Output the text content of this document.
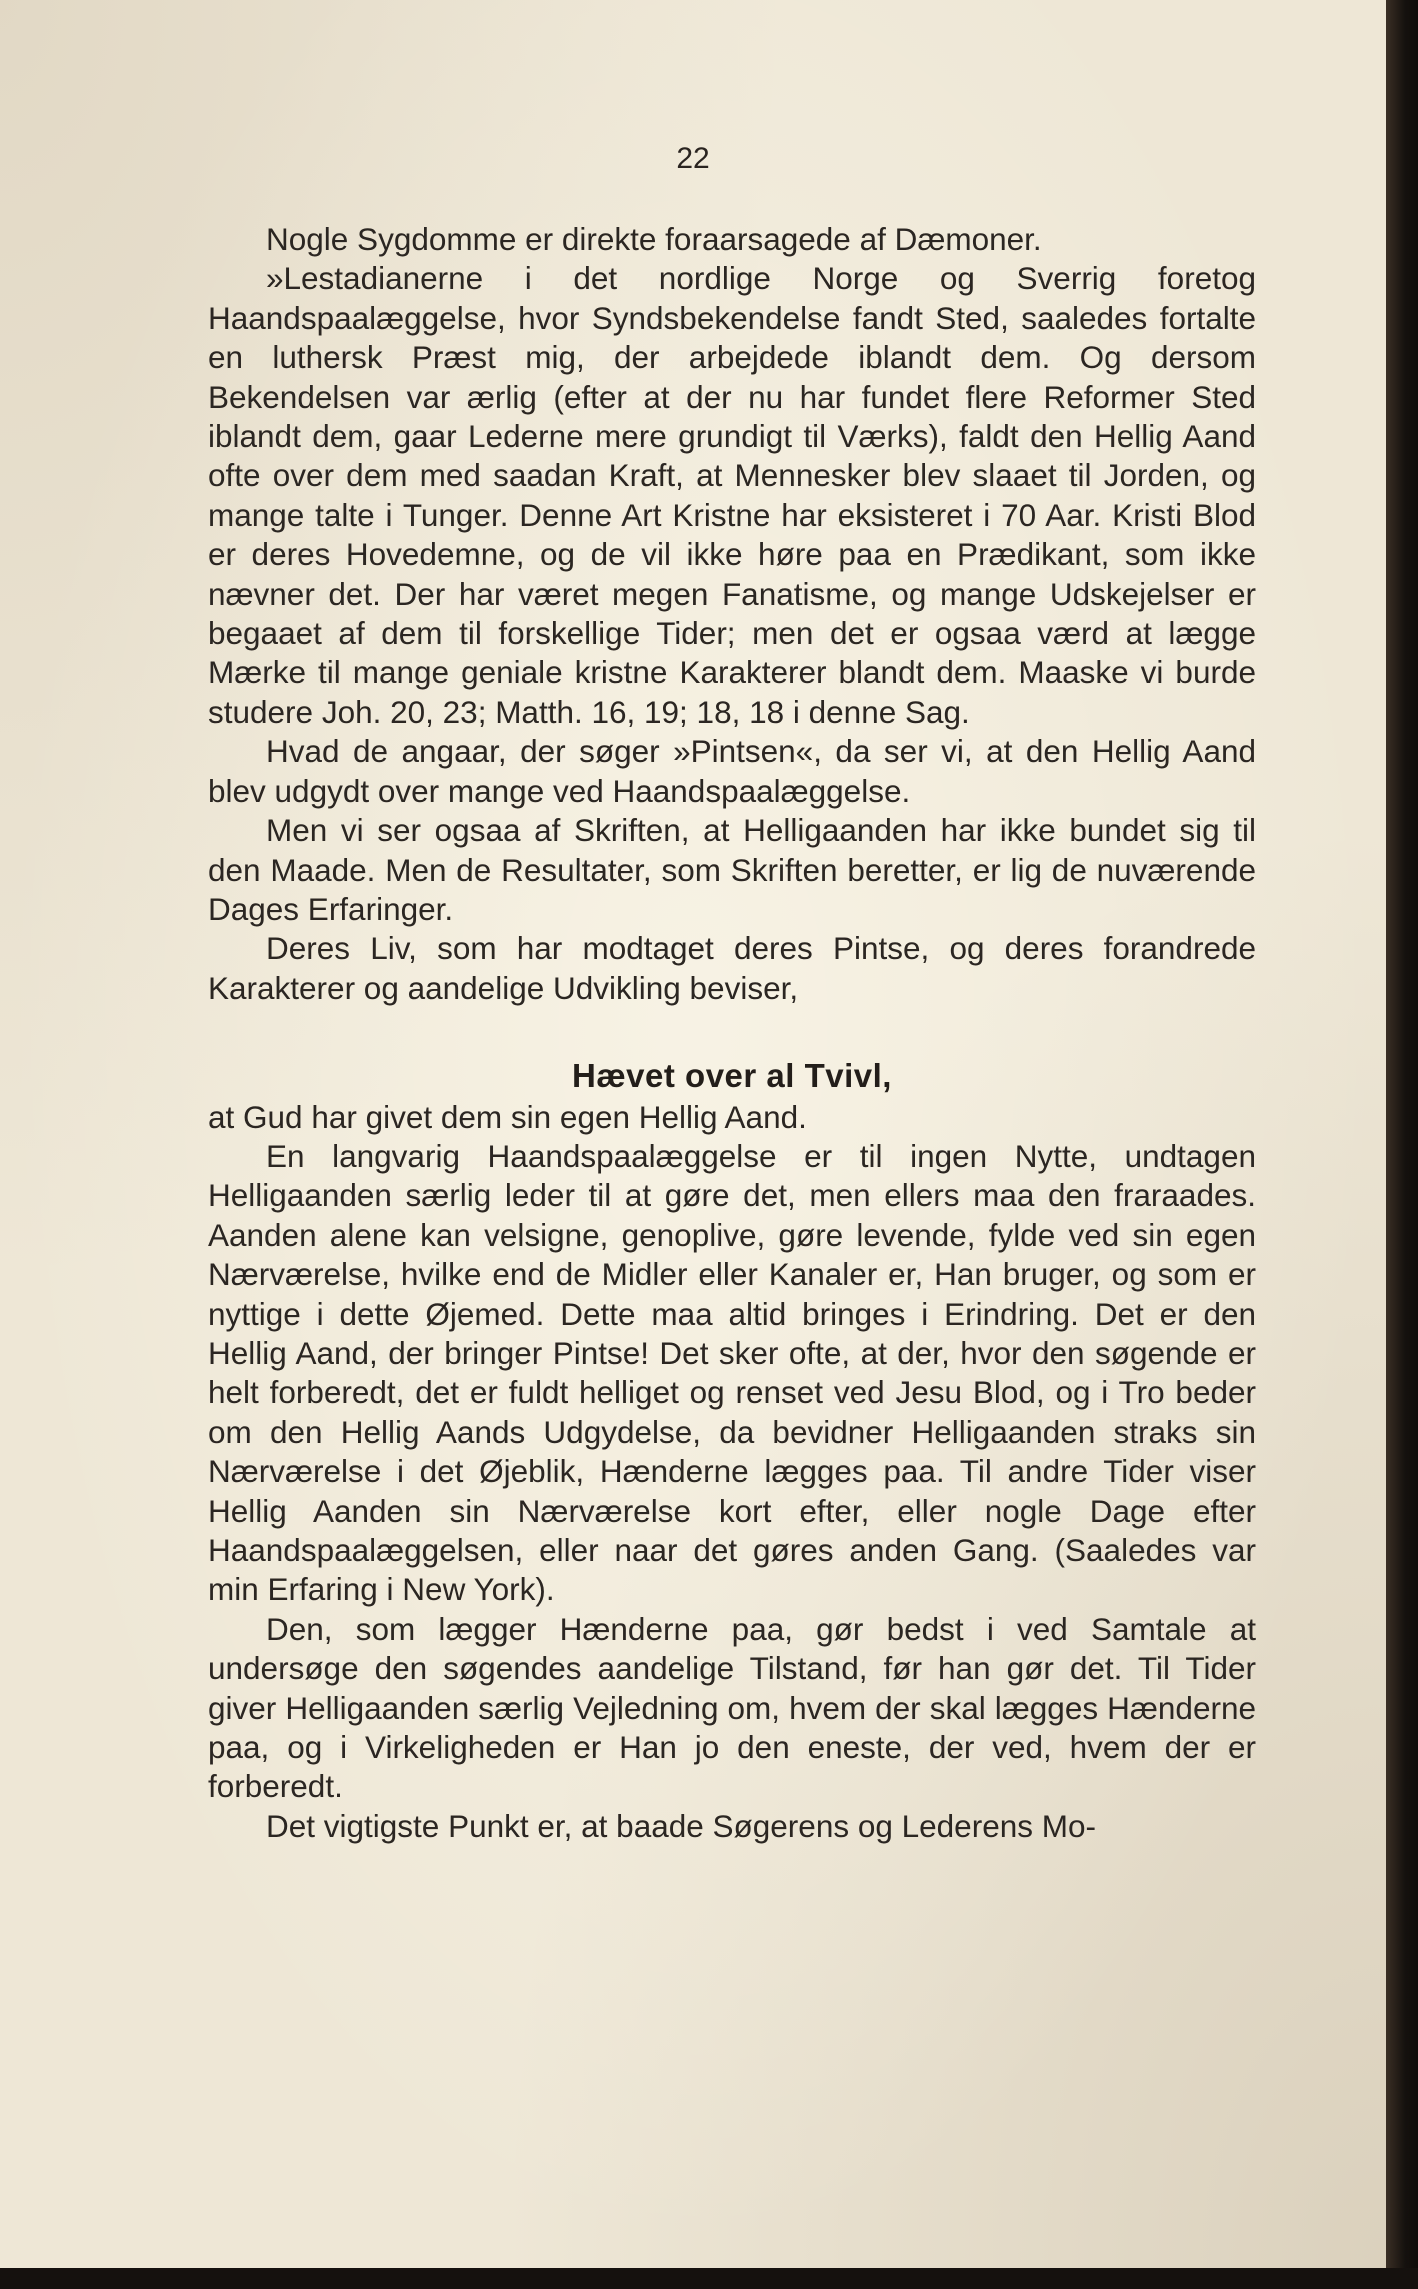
22

Nogle Sygdomme er direkte foraarsagede af Dæmoner.

»Lestadianerne i det nordlige Norge og Sverrig foretog Haandspaalæggelse, hvor Syndsbekendelse fandt Sted, saaledes fortalte en luthersk Præst mig, der arbejdede iblandt dem. Og dersom Bekendelsen var ærlig (efter at der nu har fundet flere Reformer Sted iblandt dem, gaar Lederne mere grundigt til Værks), faldt den Hellig Aand ofte over dem med saadan Kraft, at Mennesker blev slaaet til Jorden, og mange talte i Tunger. Denne Art Kristne har eksisteret i 70 Aar. Kristi Blod er deres Hovedemne, og de vil ikke høre paa en Prædikant, som ikke nævner det. Der har været megen Fanatisme, og mange Udskejelser er begaaet af dem til forskellige Tider; men det er ogsaa værd at lægge Mærke til mange geniale kristne Karakterer blandt dem. Maaske vi burde studere Joh. 20, 23; Matth. 16, 19; 18, 18 i denne Sag.

Hvad de angaar, der søger »Pintsen«, da ser vi, at den Hellig Aand blev udgydt over mange ved Haandspaalæggelse.

Men vi ser ogsaa af Skriften, at Helligaanden har ikke bundet sig til den Maade. Men de Resultater, som Skriften beretter, er lig de nuværende Dages Erfaringer.

Deres Liv, som har modtaget deres Pintse, og deres forandrede Karakterer og aandelige Udvikling beviser,

Hævet over al Tvivl,

at Gud har givet dem sin egen Hellig Aand.

En langvarig Haandspaalæggelse er til ingen Nytte, undtagen Helligaanden særlig leder til at gøre det, men ellers maa den fraraades. Aanden alene kan velsigne, genoplive, gøre levende, fylde ved sin egen Nærværelse, hvilke end de Midler eller Kanaler er, Han bruger, og som er nyttige i dette Øjemed. Dette maa altid bringes i Erindring. Det er den Hellig Aand, der bringer Pintse! Det sker ofte, at der, hvor den søgende er helt forberedt, det er fuldt helliget og renset ved Jesu Blod, og i Tro beder om den Hellig Aands Udgydelse, da bevidner Helligaanden straks sin Nærværelse i det Øjeblik, Hænderne lægges paa. Til andre Tider viser Hellig Aanden sin Nærværelse kort efter, eller nogle Dage efter Haandspaalæggelsen, eller naar det gøres anden Gang. (Saaledes var min Erfaring i New York).

Den, som lægger Hænderne paa, gør bedst i ved Samtale at undersøge den søgendes aandelige Tilstand, før han gør det. Til Tider giver Helligaanden særlig Vejledning om, hvem der skal lægges Hænderne paa, og i Virkeligheden er Han jo den eneste, der ved, hvem der er forberedt.

Det vigtigste Punkt er, at baade Søgerens og Lederens Mo-
